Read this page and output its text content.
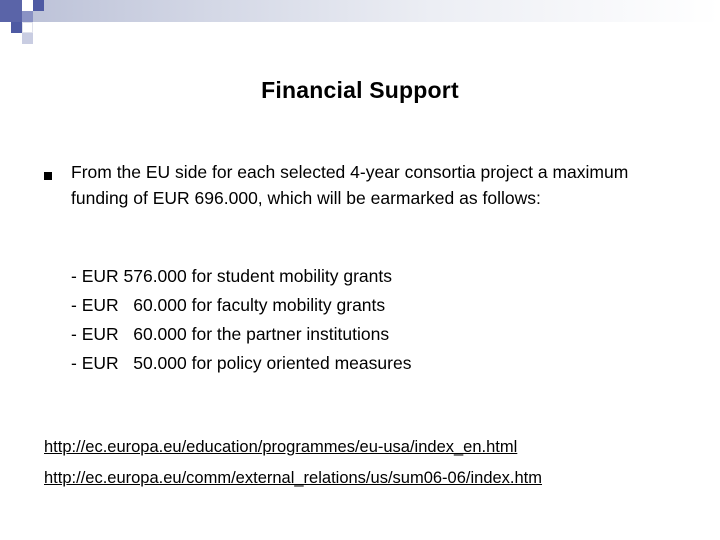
Financial Support
From the EU side for each selected 4-year consortia project a maximum funding of EUR 696.000, which will be earmarked as follows:
- EUR 576.000 for student mobility grants
- EUR   60.000 for faculty mobility grants
- EUR   60.000 for the partner institutions
- EUR   50.000 for policy oriented measures
http://ec.europa.eu/education/programmes/eu-usa/index_en.html
http://ec.europa.eu/comm/external_relations/us/sum06-06/index.htm
